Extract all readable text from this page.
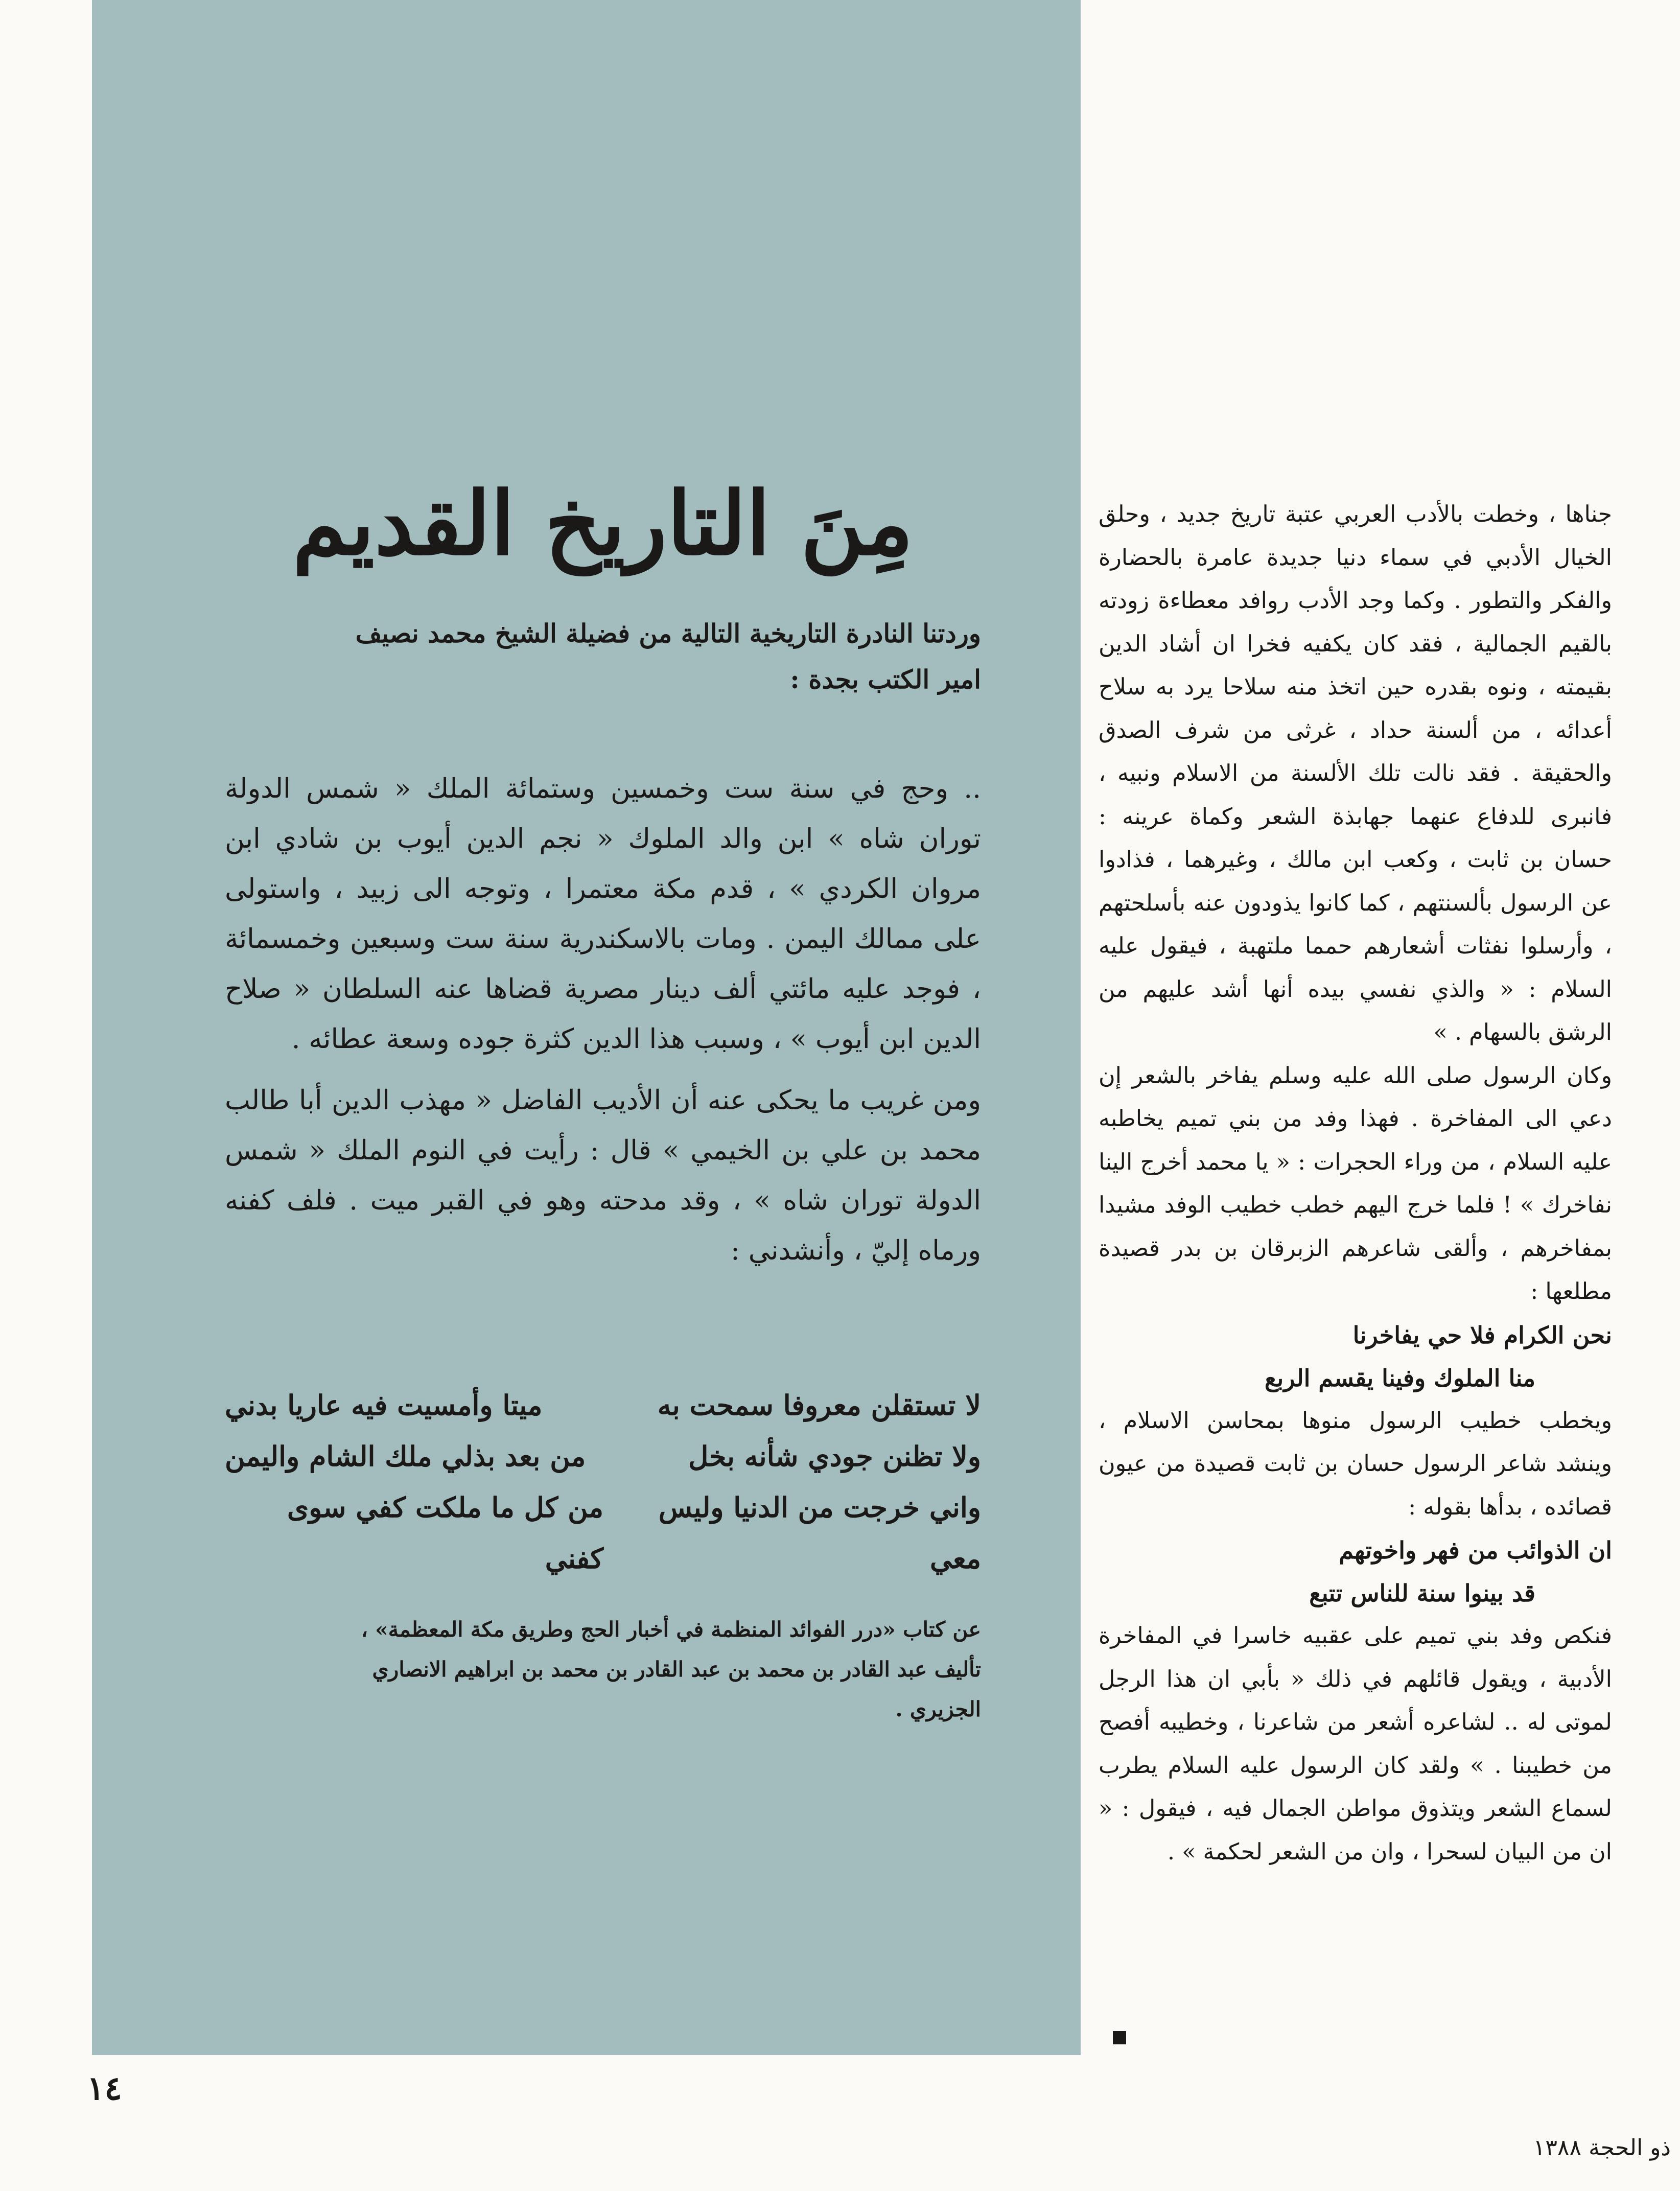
مِنَ التاريخ القديم

وردتنا النادرة التاريخية التالية من فضيلة الشيخ محمد نصيف

امير الكتب بجدة :

.. وحج في سنة ست وخمسين وستمائة الملك « شمس الدولة توران شاه » ابن والد الملوك « نجم الدين أيوب بن شادي ابن مروان الكردي » ، قدم مكة معتمرا ، وتوجه الى زبيد ، واستولى على ممالك اليمن . ومات بالاسكندرية سنة ست وسبعين وخمسمائة ، فوجد عليه مائتي ألف دينار مصرية قضاها عنه السلطان « صلاح الدين ابن أيوب » ، وسبب هذا الدين كثرة جوده وسعة عطائه .

ومن غريب ما يحكى عنه أن الأديب الفاضل « مهذب الدين أبا طالب محمد بن علي بن الخيمي » قال : رأيت في النوم الملك « شمس الدولة توران شاه » ، وقد مدحته وهو في القبر ميت . فلف كفنه ورماه إليّ ، وأنشدني :

لا تستقلن معروفا سمحت به
ميتا وأمسيت فيه عاريا بدني
ولا تظنن جودي شأنه بخل
من بعد بذلي ملك الشام واليمن
واني خرجت من الدنيا وليس معي
من كل ما ملكت كفي سوى كفني

عن كتاب «درر الفوائد المنظمة في أخبار الحج وطريق مكة المعظمة» ،

تأليف عبد القادر بن محمد بن عبد القادر بن محمد بن ابراهيم الانصاري

الجزيري .

جناها ، وخطت بالأدب العربي عتبة تاريخ جديد ، وحلق الخيال الأدبي في سماء دنيا جديدة عامرة بالحضارة والفكر والتطور . وكما وجد الأدب روافد معطاءة زودته بالقيم الجمالية ، فقد كان يكفيه فخرا ان أشاد الدين بقيمته ، ونوه بقدره حين اتخذ منه سلاحا يرد به سلاح أعدائه ، من ألسنة حداد ، غرثى من شرف الصدق والحقيقة . فقد نالت تلك الألسنة من الاسلام ونبيه ، فانبرى للدفاع عنهما جهابذة الشعر وكماة عرينه : حسان بن ثابت ، وكعب ابن مالك ، وغيرهما ، فذادوا عن الرسول بألسنتهم ، كما كانوا يذودون عنه بأسلحتهم ، وأرسلوا نفثات أشعارهم حمما ملتهبة ، فيقول عليه السلام : « والذي نفسي بيده أنها أشد عليهم من الرشق بالسهام . »

وكان الرسول صلى الله عليه وسلم يفاخر بالشعر إن دعي الى المفاخرة . فهذا وفد من بني تميم يخاطبه عليه السلام ، من وراء الحجرات : « يا محمد أخرج الينا نفاخرك » ! فلما خرج اليهم خطب خطيب الوفد مشيدا بمفاخرهم ، وألقى شاعرهم الزبرقان بن بدر قصيدة مطلعها :

نحن الكرام فلا حي يفاخرنا

منا الملوك وفينا يقسم الربع

ويخطب خطيب الرسول منوها بمحاسن الاسلام ، وينشد شاعر الرسول حسان بن ثابت قصيدة من عيون قصائده ، بدأها بقوله :

ان الذوائب من فهر واخوتهم

قد بينوا سنة للناس تتبع

فنكص وفد بني تميم على عقبيه خاسرا في المفاخرة الأدبية ، ويقول قائلهم في ذلك « بأبي ان هذا الرجل لموتى له .. لشاعره أشعر من شاعرنا ، وخطيبه أفصح من خطيبنا . » ولقد كان الرسول عليه السلام يطرب لسماع الشعر ويتذوق مواطن الجمال فيه ، فيقول : « ان من البيان لسحرا ، وان من الشعر لحكمة » .

١٤
ذو الحجة ١٣٨٨
